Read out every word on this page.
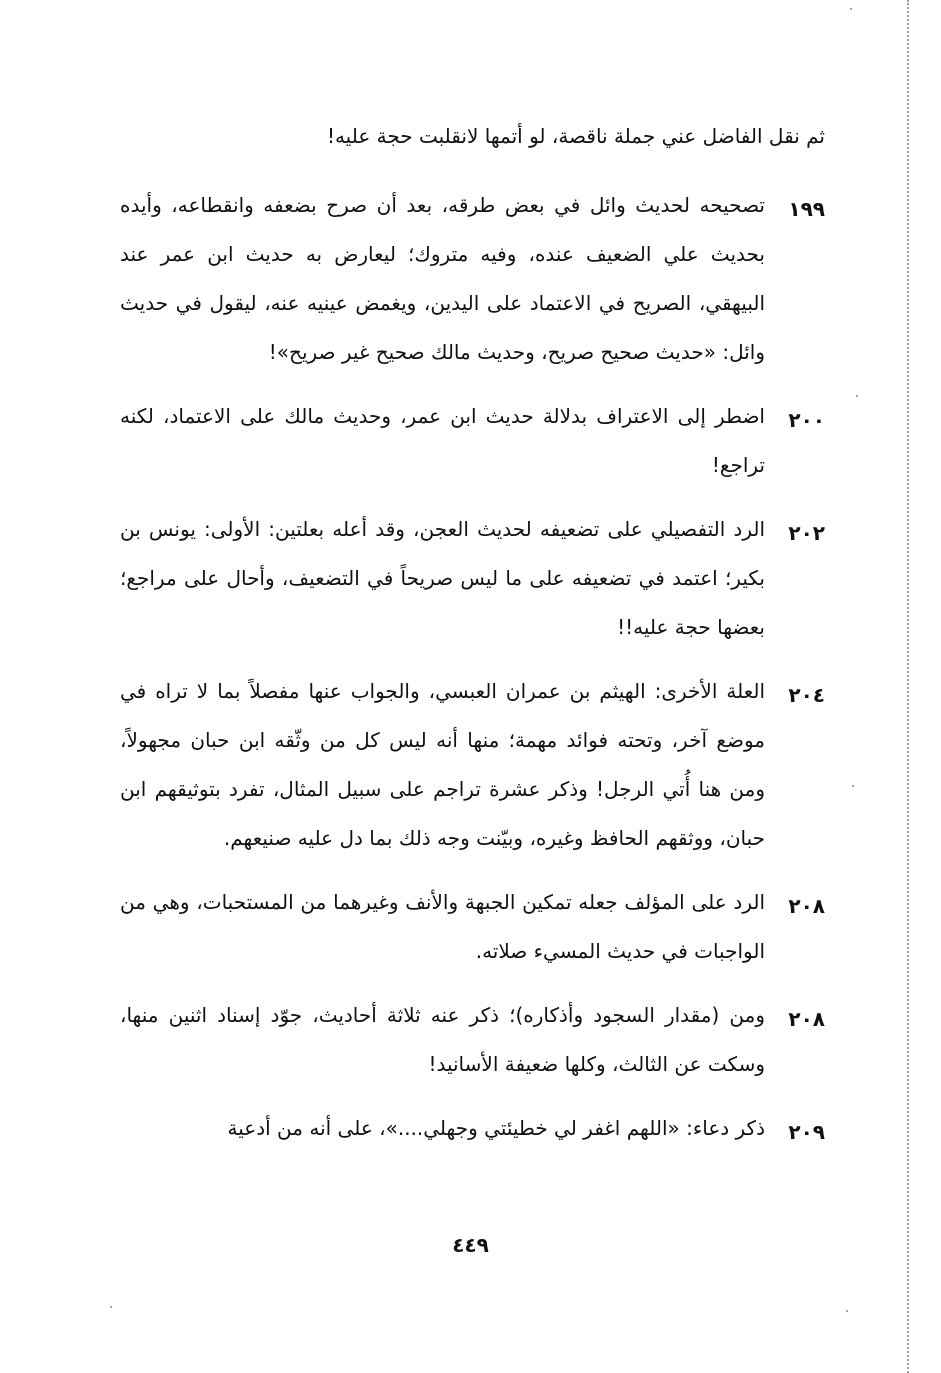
ثم نقل الفاضل عني جملة ناقصة، لو أتمها لانقلبت حجة عليه!

١٩٩

تصحيحه لحديث وائل في بعض طرقه، بعد أن صرح بضعفه وانقطاعه، وأيده بحديث علي الضعيف عنده، وفيه متروك؛ ليعارض به حديث ابن عمر عند البيهقي، الصريح في الاعتماد على اليدين، ويغمض عينيه عنه، ليقول في حديث وائل: «حديث صحيح صريح، وحديث مالك صحيح غير صريح»!

٢٠٠

اضطر إلى الاعتراف بدلالة حديث ابن عمر، وحديث مالك على الاعتماد، لكنه تراجع!

٢٠٢

الرد التفصيلي على تضعيفه لحديث العجن، وقد أعله بعلتين: الأولى: يونس بن بكير؛ اعتمد في تضعيفه على ما ليس صريحاً في التضعيف، وأحال على مراجع؛ بعضها حجة عليه!!

٢٠٤

العلة الأخرى: الهيثم بن عمران العبسي، والجواب عنها مفصلاً بما لا تراه في موضع آخر، وتحته فوائد مهمة؛ منها أنه ليس كل من وثّقه ابن حبان مجهولاً، ومن هنا أُتي الرجل! وذكر عشرة تراجم على سبيل المثال، تفرد بتوثيقهم ابن حبان، ووثقهم الحافظ وغيره، وبيّنت وجه ذلك بما دل عليه صنيعهم.

٢٠٨

الرد على المؤلف جعله تمكين الجبهة والأنف وغيرهما من المستحبات، وهي من الواجبات في حديث المسيء صلاته.

٢٠٨

ومن (مقدار السجود وأذكاره)؛ ذكر عنه ثلاثة أحاديث، جوّد إسناد اثنين منها، وسكت عن الثالث، وكلها ضعيفة الأسانيد!

٢٠٩

ذكر دعاء: «اللهم اغفر لي خطيئتي وجهلي....»، على أنه من أدعية

٤٤٩
